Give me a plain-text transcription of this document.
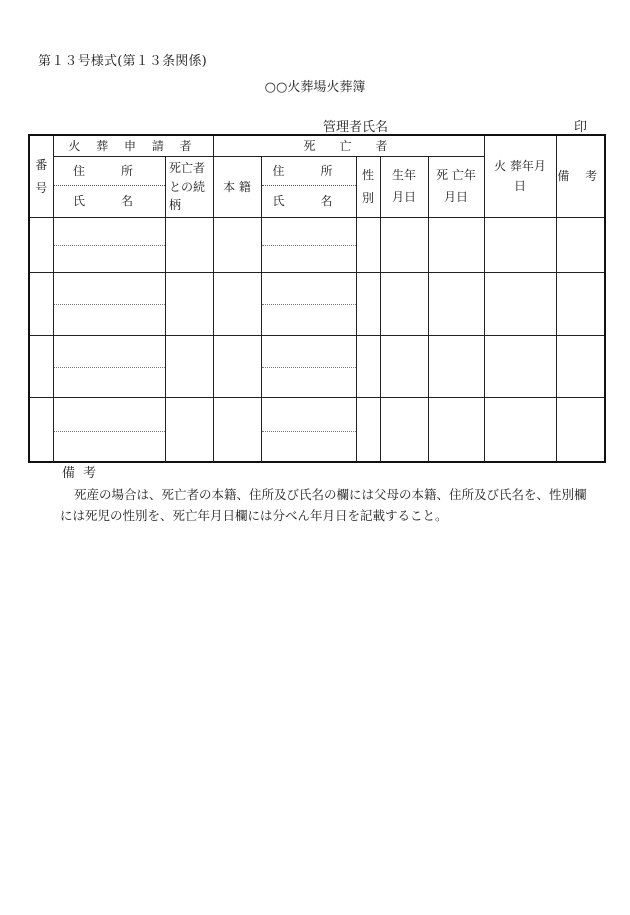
第１３号様式(第１３条関係)
○○火葬場火葬簿
管理者氏名	印
番号	火 葬 申 請 者		死　亡　者					火 葬年月日	備 考
	住　所	死亡者との続柄	本 籍	住　所	性別	生年月日	死 亡年月日		
	氏　名			氏　名					

備考
死産の場合は、死亡者の本籍、住所及び氏名の欄には父母の本籍、住所及び氏名を、性別欄には死児の性別を、死亡年月日欄には分べん年月日を記載すること。
